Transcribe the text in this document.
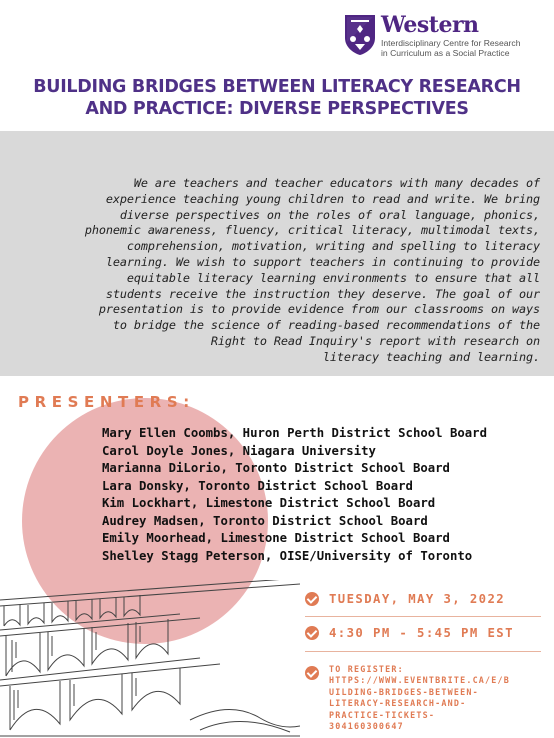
Western
Interdisciplinary Centre for Research
in Curriculum as a Social Practice
BUILDING BRIDGES BETWEEN LITERACY RESEARCH
AND PRACTICE: DIVERSE PERSPECTIVES
We are teachers and teacher educators with many decades of
experience teaching young children to read and write. We bring
diverse perspectives on the roles of oral language, phonics,
phonemic awareness, fluency, critical literacy, multimodal texts,
comprehension, motivation, writing and spelling to literacy
learning. We wish to support teachers in continuing to provide
equitable literacy learning environments to ensure that all
students receive the instruction they deserve. The goal of our
presentation is to provide evidence from our classrooms on ways
to bridge the science of reading-based recommendations of the
Right to Read Inquiry's report with research on
literacy teaching and learning.
PRESENTERS:
Mary Ellen Coombs, Huron Perth District School Board
Carol Doyle Jones, Niagara University
Marianna DiLorio, Toronto District School Board
Lara Donsky, Toronto District School Board
Kim Lockhart, Limestone District School Board
Audrey Madsen, Toronto District School Board
Emily Moorhead, Limestone District School Board
Shelley Stagg Peterson, OISE/University of Toronto
TUESDAY, MAY 3, 2022
4:30 PM - 5:45 PM EST
TO REGISTER:
HTTPS://WWW.EVENTBRITE.CA/E/B
UILDING-BRIDGES-BETWEEN-
LITERACY-RESEARCH-AND-
PRACTICE-TICKETS-
304160300647
